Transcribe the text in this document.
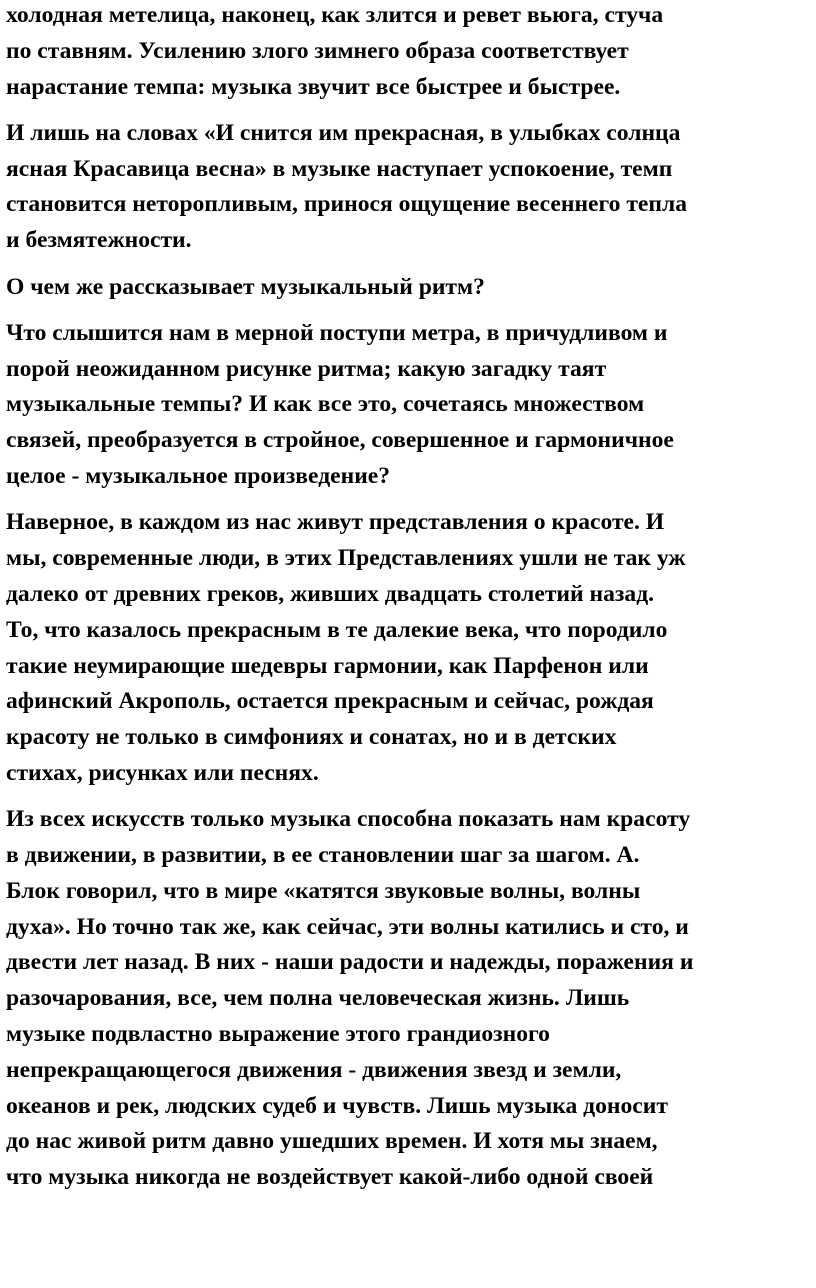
холодная метелица, наконец, как злится и ревет вьюга, стуча
по ставням. Усилению злого зимнего образа соответствует
нарастание темпа: музыка звучит все быстрее и быстрее.

И лишь на словах «И снится им прекрасная, в улыбках солнца
ясная Красавица весна» в музыке наступает успокоение, темп
становится неторопливым, принося ощущение весеннего тепла
и безмятежности.

О чем же рассказывает музыкальный ритм?

Что слышится нам в мерной поступи метра, в причудливом и
порой неожиданном рисунке ритма; какую загадку таят
музыкальные темпы? И как все это, сочетаясь множеством
связей, преобразуется в стройное, совершенное и гармоничное
целое - музыкальное произведение?

Наверное, в каждом из нас живут представления о красоте. И
мы, современные люди, в этих Представлениях ушли не так уж
далеко от древних греков, живших двадцать столетий назад.
То, что казалось прекрасным в те далекие века, что породило
такие неумирающие шедевры гармонии, как Парфенон или
афинский Акрополь, остается прекрасным и сейчас, рождая
красоту не только в симфониях и сонатах, но и в детских
стихах, рисунках или песнях.

Из всех искусств только музыка способна показать нам красоту
в движении, в развитии, в ее становлении шаг за шагом. А.
Блок говорил, что в мире «катятся звуковые волны, волны
духа». Но точно так же, как сейчас, эти волны катились и сто, и
двести лет назад. В них - наши радости и надежды, поражения и
разочарования, все, чем полна человеческая жизнь. Лишь
музыке подвластно выражение этого грандиозного
непрекращающегося движения - движения звезд и земли,
океанов и рек, людских судеб и чувств. Лишь музыка доносит
до нас живой ритм давно ушедших времен. И хотя мы знаем,
что музыка никогда не воздействует какой-либо одной своей
